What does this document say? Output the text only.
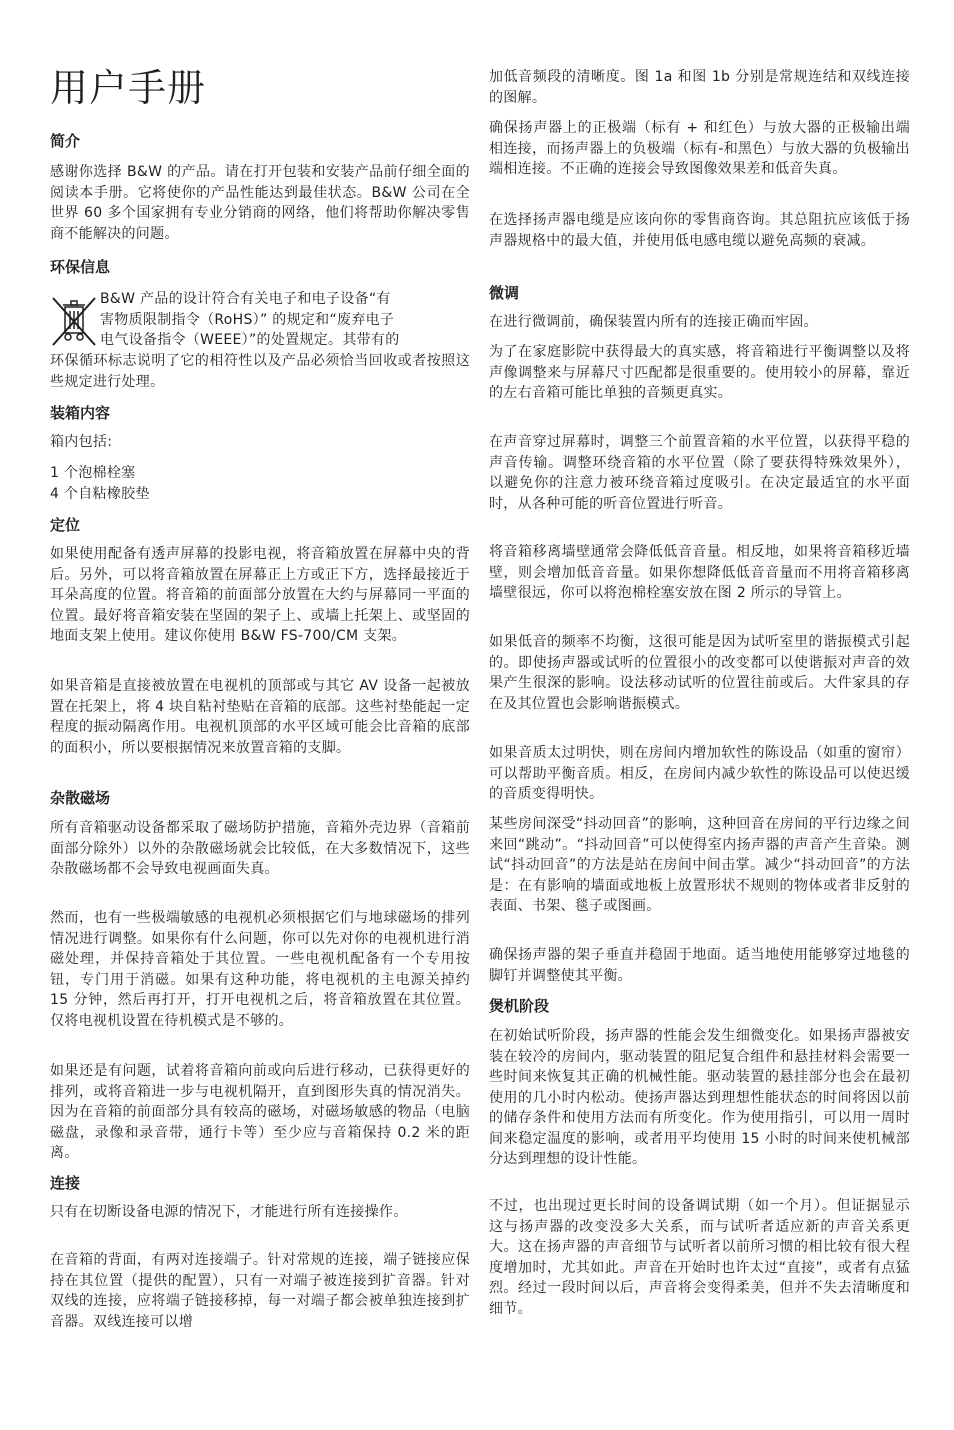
用户手册
简介

感谢你选择 B&W 的产品。请在打开包装和安装产品前仔细全面的阅读本手册。它将使你的产品性能达到最佳状态。B&W 公司在全世界 60 多个国家拥有专业分销商的网络，他们将帮助你解决零售商不能解决的问题。

环保信息

B&W 产品的设计符合有关电子和电子设备“有

害物质限制指令（RoHS）” 的规定和“废弃电子

电气设备指令（WEEE）”的处置规定。其带有的

环保循环标志说明了它的相符性以及产品必须恰当回收或者按照这些规定进行处理。

装箱内容

箱内包括:

1 个泡棉栓塞

4 个自粘橡胶垫

定位

如果使用配备有透声屏幕的投影电视，将音箱放置在屏幕中央的背后。另外，可以将音箱放置在屏幕正上方或正下方，选择最接近于耳朵高度的位置。将音箱的前面部分放置在大约与屏幕同一平面的位置。最好将音箱安装在坚固的架子上、或墙上托架上、或坚固的地面支架上使用。建议你使用 B&W FS-700/CM 支架。

如果音箱是直接被放置在电视机的顶部或与其它 AV 设备一起被放置在托架上，将 4 块自粘衬垫贴在音箱的底部。这些衬垫能起一定程度的振动隔离作用。电视机顶部的水平区域可能会比音箱的底部的面积小，所以要根据情况来放置音箱的支脚。

杂散磁场

所有音箱驱动设备都采取了磁场防护措施，音箱外壳边界（音箱前面部分除外）以外的杂散磁场就会比较低，在大多数情况下，这些杂散磁场都不会导致电视画面失真。

然而，也有一些极端敏感的电视机必须根据它们与地球磁场的排列情况进行调整。如果你有什么问题，你可以先对你的电视机进行消磁处理，并保持音箱处于其位置。一些电视机配备有一个专用按钮，专门用于消磁。如果有这种功能，将电视机的主电源关掉约 15 分钟，然后再打开，打开电视机之后，将音箱放置在其位置。仅将电视机设置在待机模式是不够的。

如果还是有问题，试着将音箱向前或向后进行移动，已获得更好的排列，或将音箱进一步与电视机隔开，直到图形失真的情况消失。因为在音箱的前面部分具有较高的磁场，对磁场敏感的物品（电脑磁盘，录像和录音带，通行卡等）至少应与音箱保持 0.2 米的距离。

连接

只有在切断设备电源的情况下，才能进行所有连接操作。

在音箱的背面，有两对连接端子。针对常规的连接，端子链接应保持在其位置（提供的配置），只有一对端子被连接到扩音器。针对双线的连接，应将端子链接移掉，每一对端子都会被单独连接到扩音器。双线连接可以增

加低音频段的清晰度。图 1a 和图 1b 分别是常规连结和双线连接的图解。

确保扬声器上的正极端（标有 + 和红色）与放大器的正极输出端相连接，而扬声器上的负极端（标有-和黑色）与放大器的负极输出端相连接。不正确的连接会导致图像效果差和低音失真。

在选择扬声器电缆是应该向你的零售商咨询。其总阻抗应该低于扬声器规格中的最大值，并使用低电感电缆以避免高频的衰减。

微调

在进行微调前，确保装置内所有的连接正确而牢固。

为了在家庭影院中获得最大的真实感，将音箱进行平衡调整以及将声像调整来与屏幕尺寸匹配都是很重要的。使用较小的屏幕，靠近的左右音箱可能比单独的音频更真实。

在声音穿过屏幕时，调整三个前置音箱的水平位置，以获得平稳的声音传输。调整环绕音箱的水平位置（除了要获得特殊效果外），以避免你的注意力被环绕音箱过度吸引。在决定最适宜的水平面时，从各种可能的听音位置进行听音。

将音箱移离墙壁通常会降低低音音量。相反地，如果将音箱移近墙壁，则会增加低音音量。如果你想降低低音音量而不用将音箱移离墙壁很远，你可以将泡棉栓塞安放在图 2 所示的导管上。

如果低音的频率不均衡，这很可能是因为试听室里的谐振模式引起的。即使扬声器或试听的位置很小的改变都可以使谐振对声音的效果产生很深的影响。设法移动试听的位置往前或后。大件家具的存在及其位置也会影响谐振模式。

如果音质太过明快，则在房间内增加软性的陈设品（如重的窗帘）可以帮助平衡音质。相反，在房间内减少软性的陈设品可以使迟缓的音质变得明快。

某些房间深受“抖动回音”的影响，这种回音在房间的平行边缘之间来回“跳动”。“抖动回音”可以使得室内扬声器的声音产生音染。测试“抖动回音”的方法是站在房间中间击掌。减少“抖动回音”的方法是：在有影响的墙面或地板上放置形状不规则的物体或者非反射的表面、书架、毯子或图画。

确保扬声器的架子垂直并稳固于地面。适当地使用能够穿过地毯的脚钉并调整使其平衡。

煲机阶段

在初始试听阶段，扬声器的性能会发生细微变化。如果扬声器被安装在较冷的房间内，驱动装置的阻尼复合组件和悬挂材料会需要一些时间来恢复其正确的机械性能。驱动装置的悬挂部分也会在最初使用的几小时内松动。使扬声器达到理想性能状态的时间将因以前的储存条件和使用方法而有所变化。作为使用指引，可以用一周时间来稳定温度的影响，或者用平均使用 15 小时的时间来使机械部分达到理想的设计性能。

不过，也出现过更长时间的设备调试期（如一个月）。但证据显示这与扬声器的改变没多大关系，而与试听者适应新的声音关系更大。这在扬声器的声音细节与试听者以前所习惯的相比较有很大程度增加时，尤其如此。声音在开始时也许太过“直接”，或者有点猛烈。经过一段时间以后，声音将会变得柔美，但并不失去清晰度和细节。
